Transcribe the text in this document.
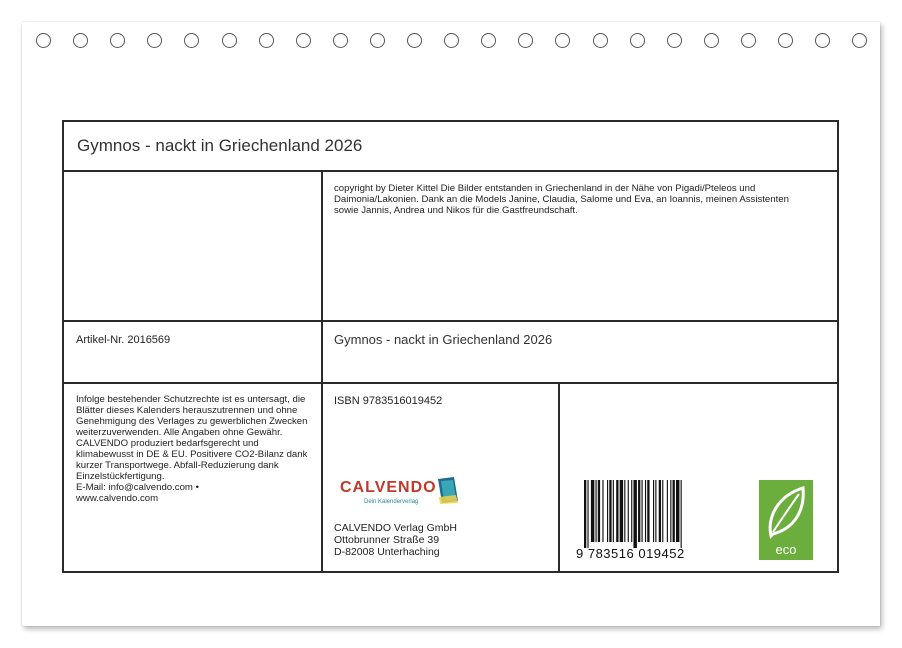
Gymnos - nackt in Griechenland 2026
copyright by Dieter Kittel Die Bilder entstanden in Griechenland in der Nähe von Pigadi/Pteleos und Daimonia/Lakonien. Dank an die Models Janine, Claudia, Salome und Eva, an Ioannis, meinen Assistenten sowie Jannis, Andrea und Nikos für die Gastfreundschaft.
Artikel-Nr. 2016569	Gymnos - nackt in Griechenland 2026
Infolge bestehender Schutzrechte ist es untersagt, die Blätter dieses Kalenders herauszutrennen und ohne Genehmigung des Verlages zu gewerblichen Zwecken weiterzuverwenden. Alle Angaben ohne Gewähr.
CALVENDO produziert bedarfsgerecht und klimabewusst in DE & EU. Positivere CO2-Bilanz dank kurzer Transportwege. Abfall-Reduzierung dank Einzelstückfertigung.
E-Mail: info@calvendo.com •
www.calvendo.com
ISBN 9783516019452
CALVENDO
Dein Kalenderverlag
CALVENDO Verlag GmbH
Ottobrunner Straße 39
D-82008 Unterhaching	9 783516 019452	eco
